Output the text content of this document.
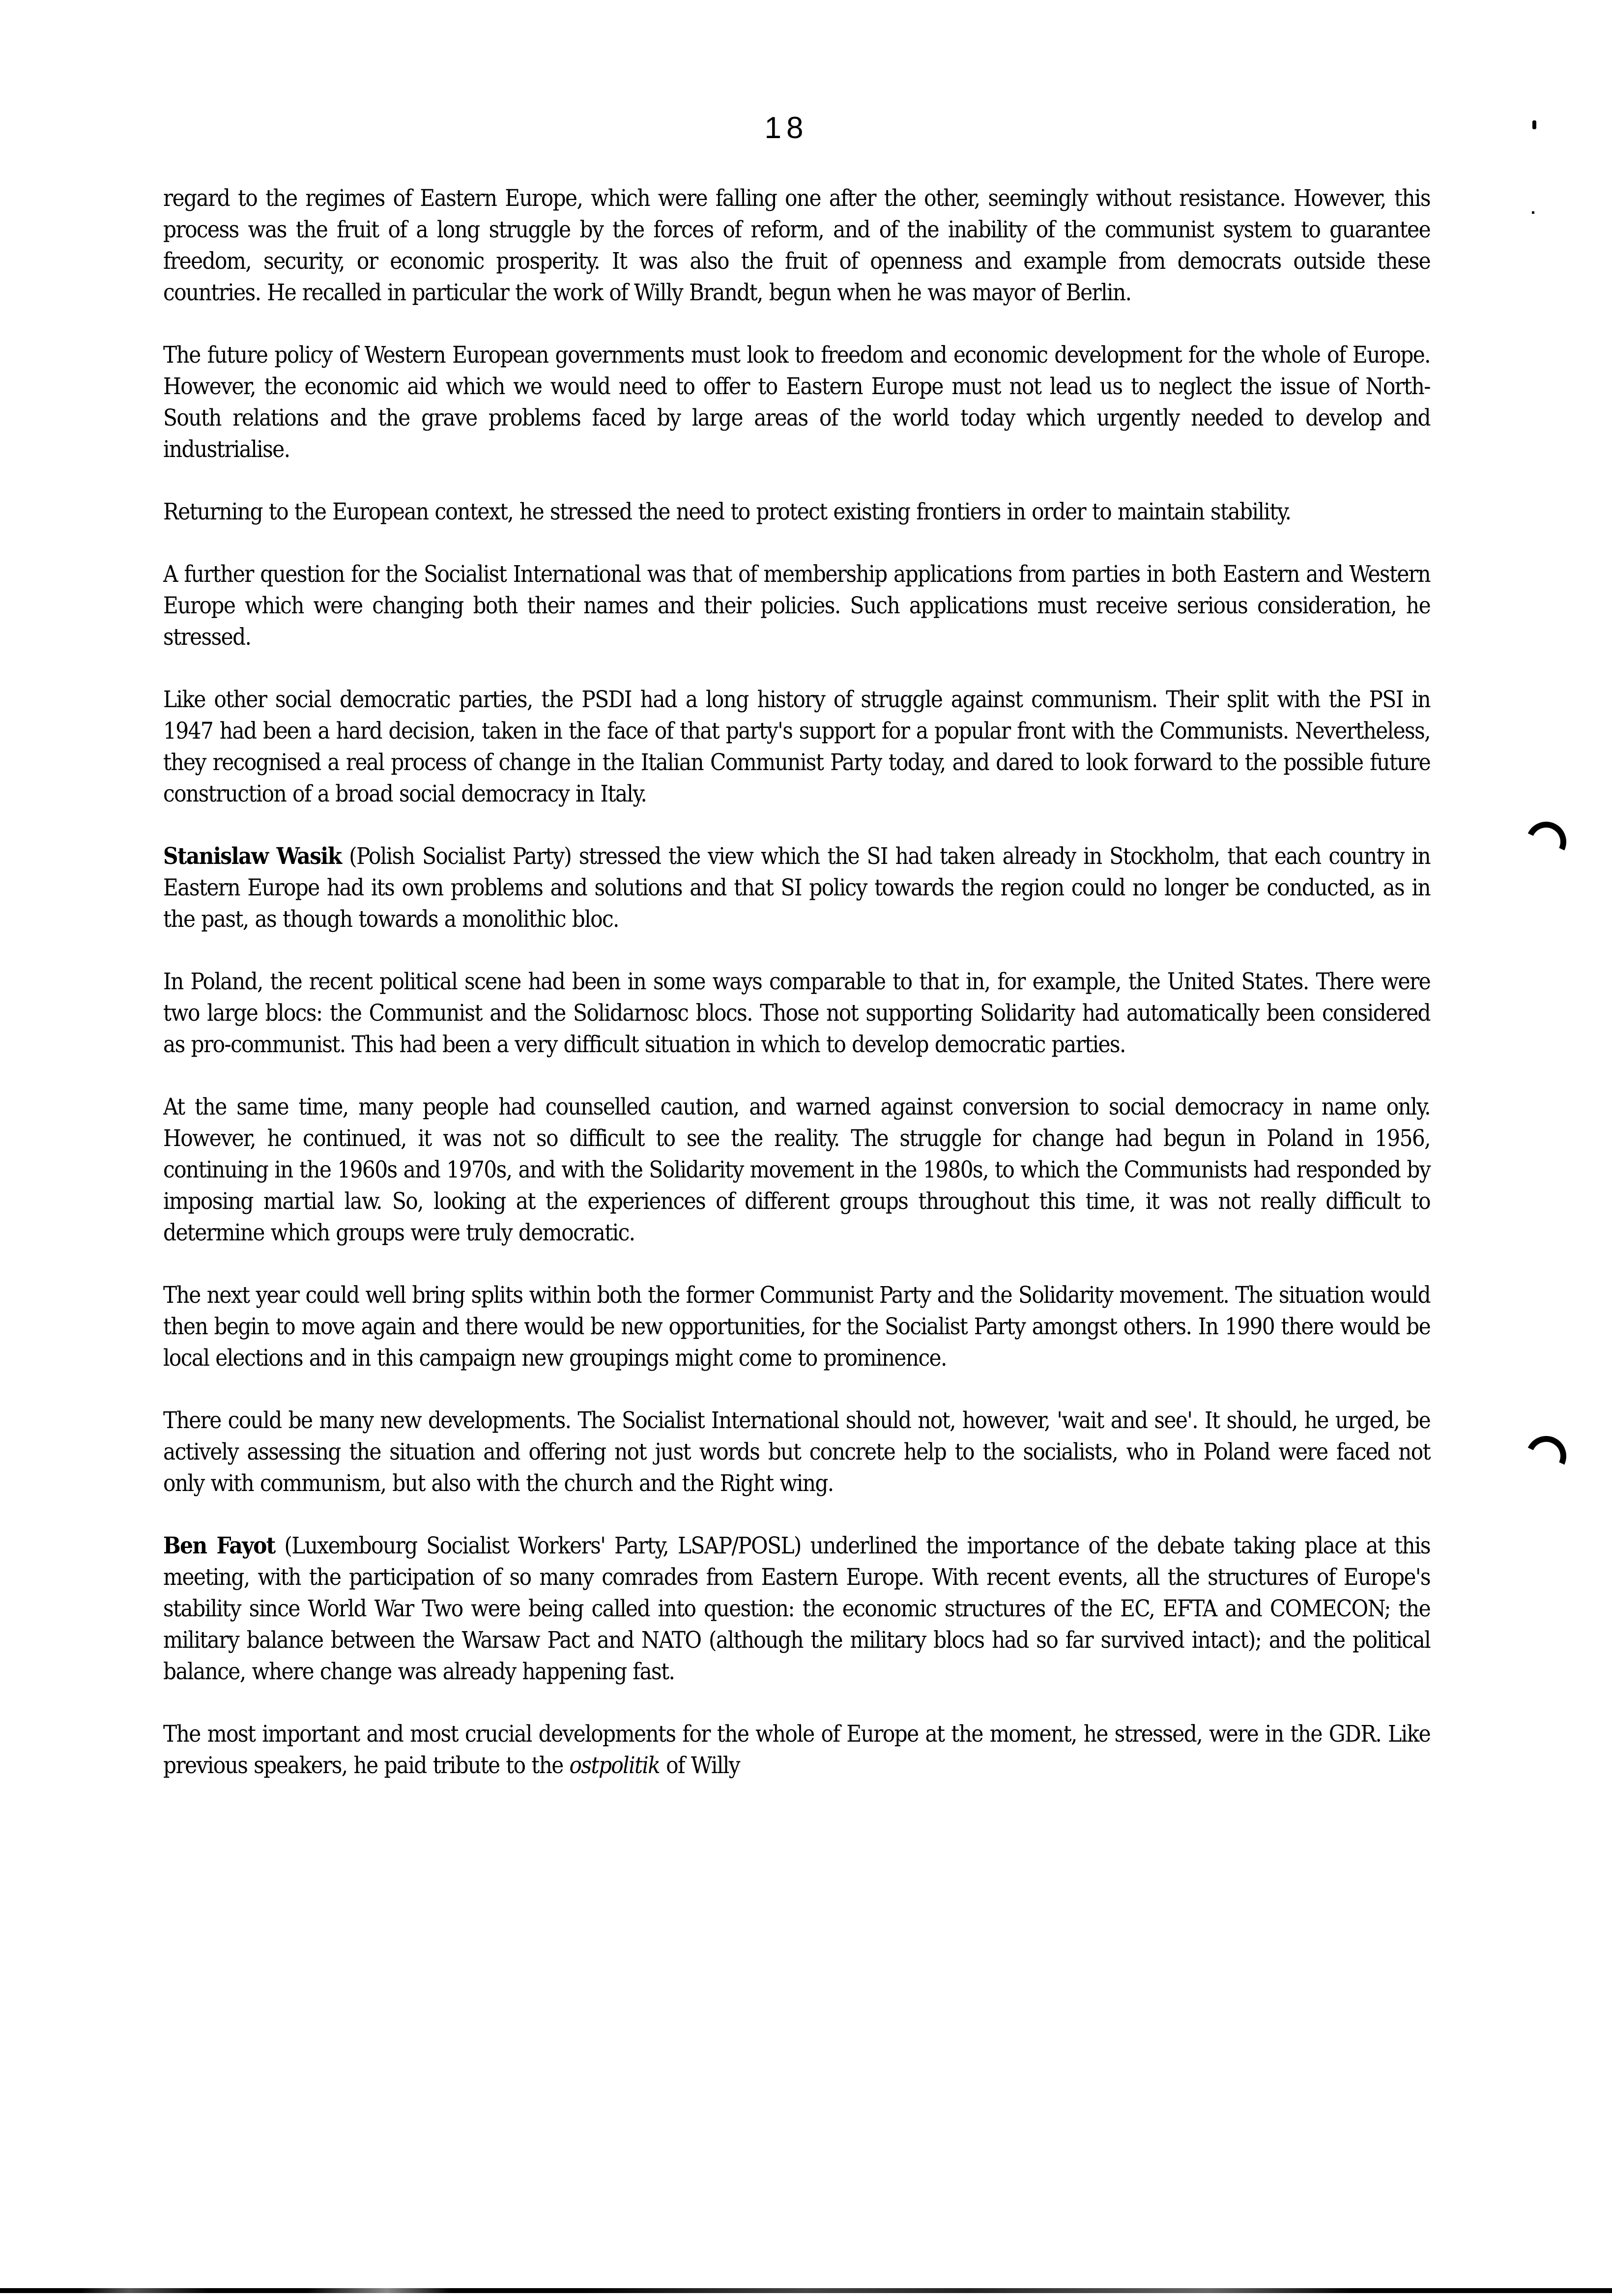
18

regard to the regimes of Eastern Europe, which were falling one after the other, seemingly without resistance. However, this process was the fruit of a long struggle by the forces of reform, and of the inability of the communist system to guarantee freedom, security, or economic prosperity. It was also the fruit of openness and example from democrats outside these countries. He recalled in particular the work of Willy Brandt, begun when he was mayor of Berlin.

The future policy of Western European governments must look to freedom and economic development for the whole of Europe. However, the economic aid which we would need to offer to Eastern Europe must not lead us to neglect the issue of North-South relations and the grave problems faced by large areas of the world today which urgently needed to develop and industrialise.

Returning to the European context, he stressed the need to protect existing frontiers in order to maintain stability.

A further question for the Socialist International was that of membership applications from parties in both Eastern and Western Europe which were changing both their names and their policies. Such applications must receive serious consideration, he stressed.

Like other social democratic parties, the PSDI had a long history of struggle against communism. Their split with the PSI in 1947 had been a hard decision, taken in the face of that party's support for a popular front with the Communists. Nevertheless, they recognised a real process of change in the Italian Communist Party today, and dared to look forward to the possible future construction of a broad social democracy in Italy.

Stanislaw Wasik (Polish Socialist Party) stressed the view which the SI had taken already in Stockholm, that each country in Eastern Europe had its own problems and solutions and that SI policy towards the region could no longer be conducted, as in the past, as though towards a monolithic bloc.

In Poland, the recent political scene had been in some ways comparable to that in, for example, the United States. There were two large blocs: the Communist and the Solidarnosc blocs. Those not supporting Solidarity had automatically been considered as pro-communist. This had been a very difficult situation in which to develop democratic parties.

At the same time, many people had counselled caution, and warned against conversion to social democracy in name only. However, he continued, it was not so difficult to see the reality. The struggle for change had begun in Poland in 1956, continuing in the 1960s and 1970s, and with the Solidarity movement in the 1980s, to which the Communists had responded by imposing martial law. So, looking at the experiences of different groups throughout this time, it was not really difficult to determine which groups were truly democratic.

The next year could well bring splits within both the former Communist Party and the Solidarity movement. The situation would then begin to move again and there would be new opportunities, for the Socialist Party amongst others. In 1990 there would be local elections and in this campaign new groupings might come to prominence.

There could be many new developments. The Socialist International should not, however, 'wait and see'. It should, he urged, be actively assessing the situation and offering not just words but concrete help to the socialists, who in Poland were faced not only with communism, but also with the church and the Right wing.

Ben Fayot (Luxembourg Socialist Workers' Party, LSAP/POSL) underlined the importance of the debate taking place at this meeting, with the participation of so many comrades from Eastern Europe. With recent events, all the structures of Europe's stability since World War Two were being called into question: the economic structures of the EC, EFTA and COMECON; the military balance between the Warsaw Pact and NATO (although the military blocs had so far survived intact); and the political balance, where change was already happening fast.

The most important and most crucial developments for the whole of Europe at the moment, he stressed, were in the GDR. Like previous speakers, he paid tribute to the ostpolitik of Willy
